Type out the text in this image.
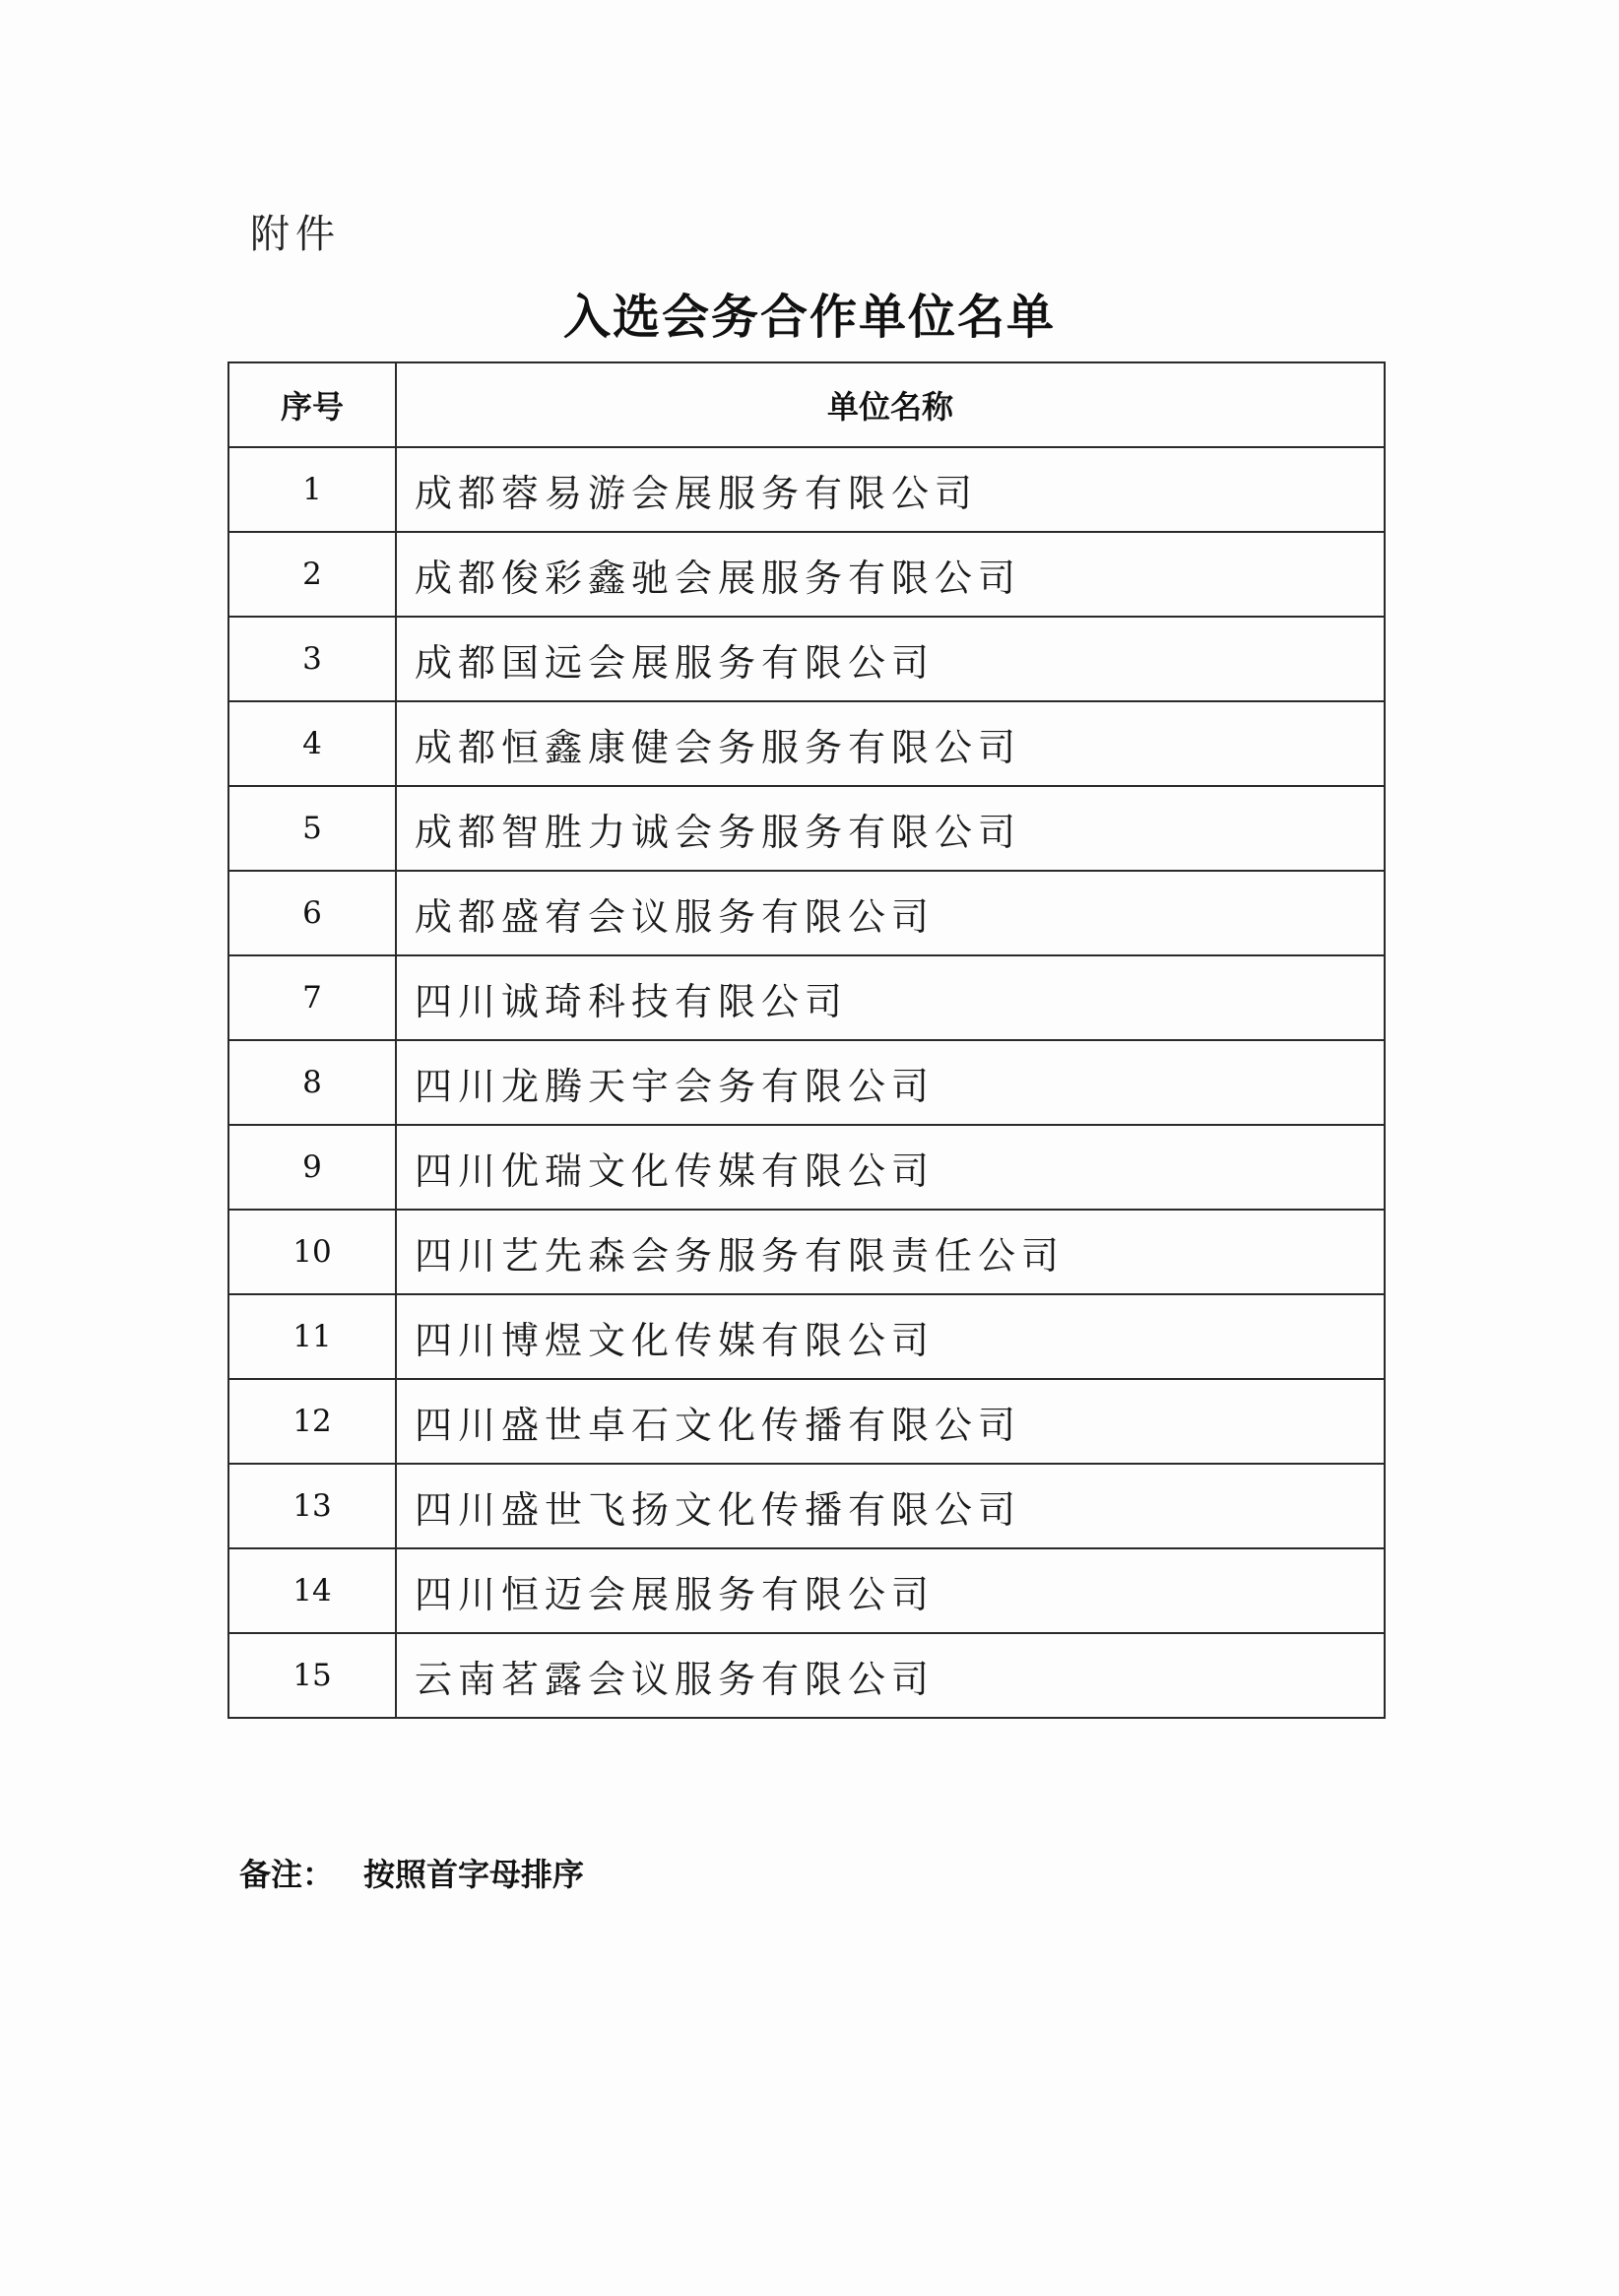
附件
入选会务合作单位名单
序号	单位名称
1	成都蓉易游会展服务有限公司
2	成都俊彩鑫驰会展服务有限公司
3	成都国远会展服务有限公司
4	成都恒鑫康健会务服务有限公司
5	成都智胜力诚会务服务有限公司
6	成都盛宥会议服务有限公司
7	四川诚琦科技有限公司
8	四川龙腾天宇会务有限公司
9	四川优瑞文化传媒有限公司
10	四川艺先森会务服务有限责任公司
11	四川博煜文化传媒有限公司
12	四川盛世卓石文化传播有限公司
13	四川盛世飞扬文化传播有限公司
14	四川恒迈会展服务有限公司
15	云南茗露会议服务有限公司
备注： 按照首字母排序
